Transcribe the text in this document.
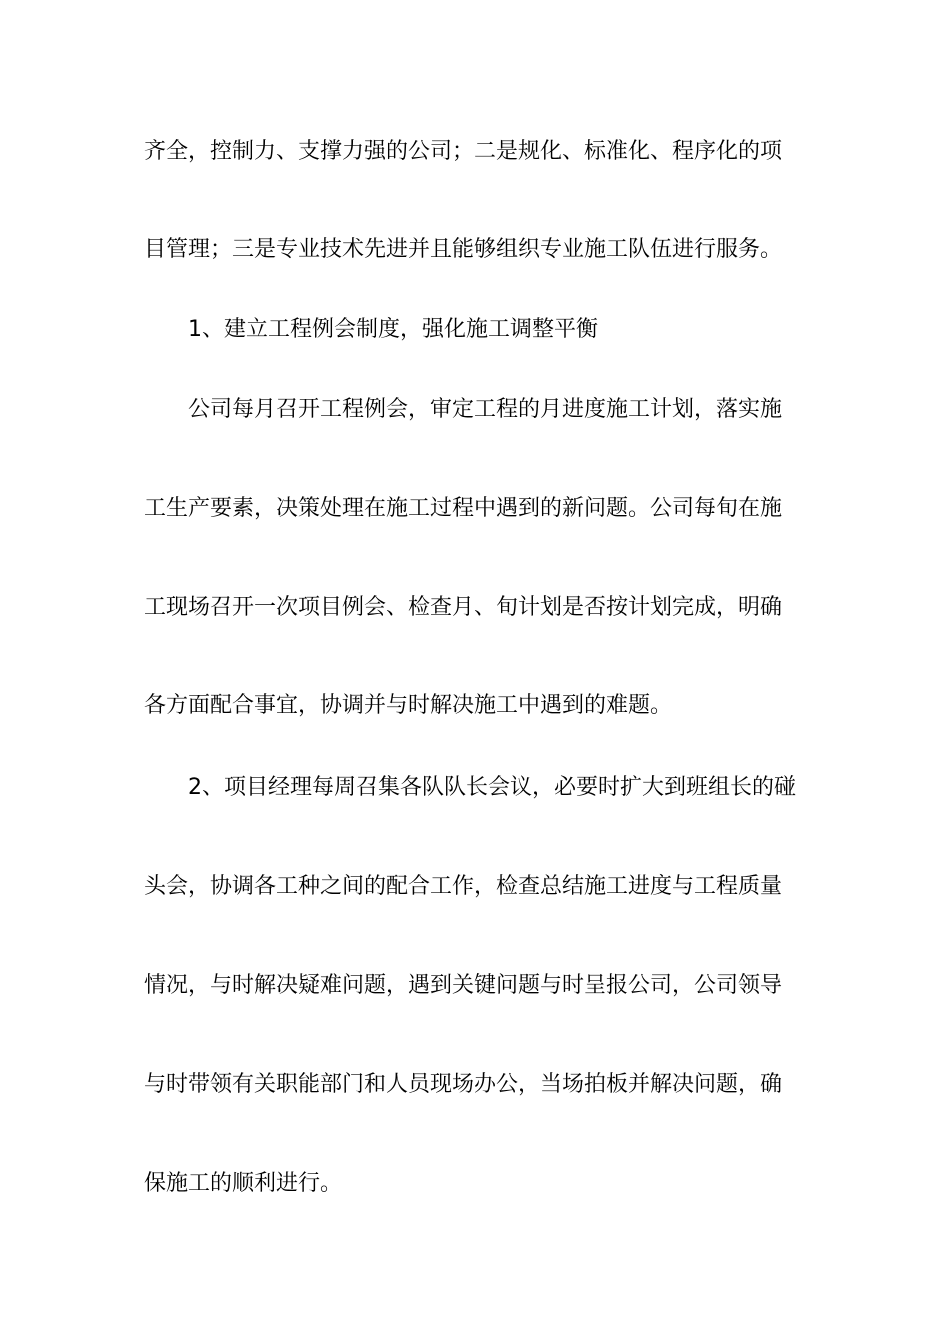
齐全，控制力、支撑力强的公司；二是规化、标准化、程序化的项
目管理；三是专业技术先进并且能够组织专业施工队伍进行服务。
1、建立工程例会制度，强化施工调整平衡
公司每月召开工程例会，审定工程的月进度施工计划，落实施
工生产要素，决策处理在施工过程中遇到的新问题。公司每旬在施
工现场召开一次项目例会、检查月、旬计划是否按计划完成，明确
各方面配合事宜，协调并与时解决施工中遇到的难题。
2、项目经理每周召集各队队长会议，必要时扩大到班组长的碰
头会，协调各工种之间的配合工作，检查总结施工进度与工程质量
情况，与时解决疑难问题，遇到关键问题与时呈报公司，公司领导
与时带领有关职能部门和人员现场办公，当场拍板并解决问题，确
保施工的顺利进行。
